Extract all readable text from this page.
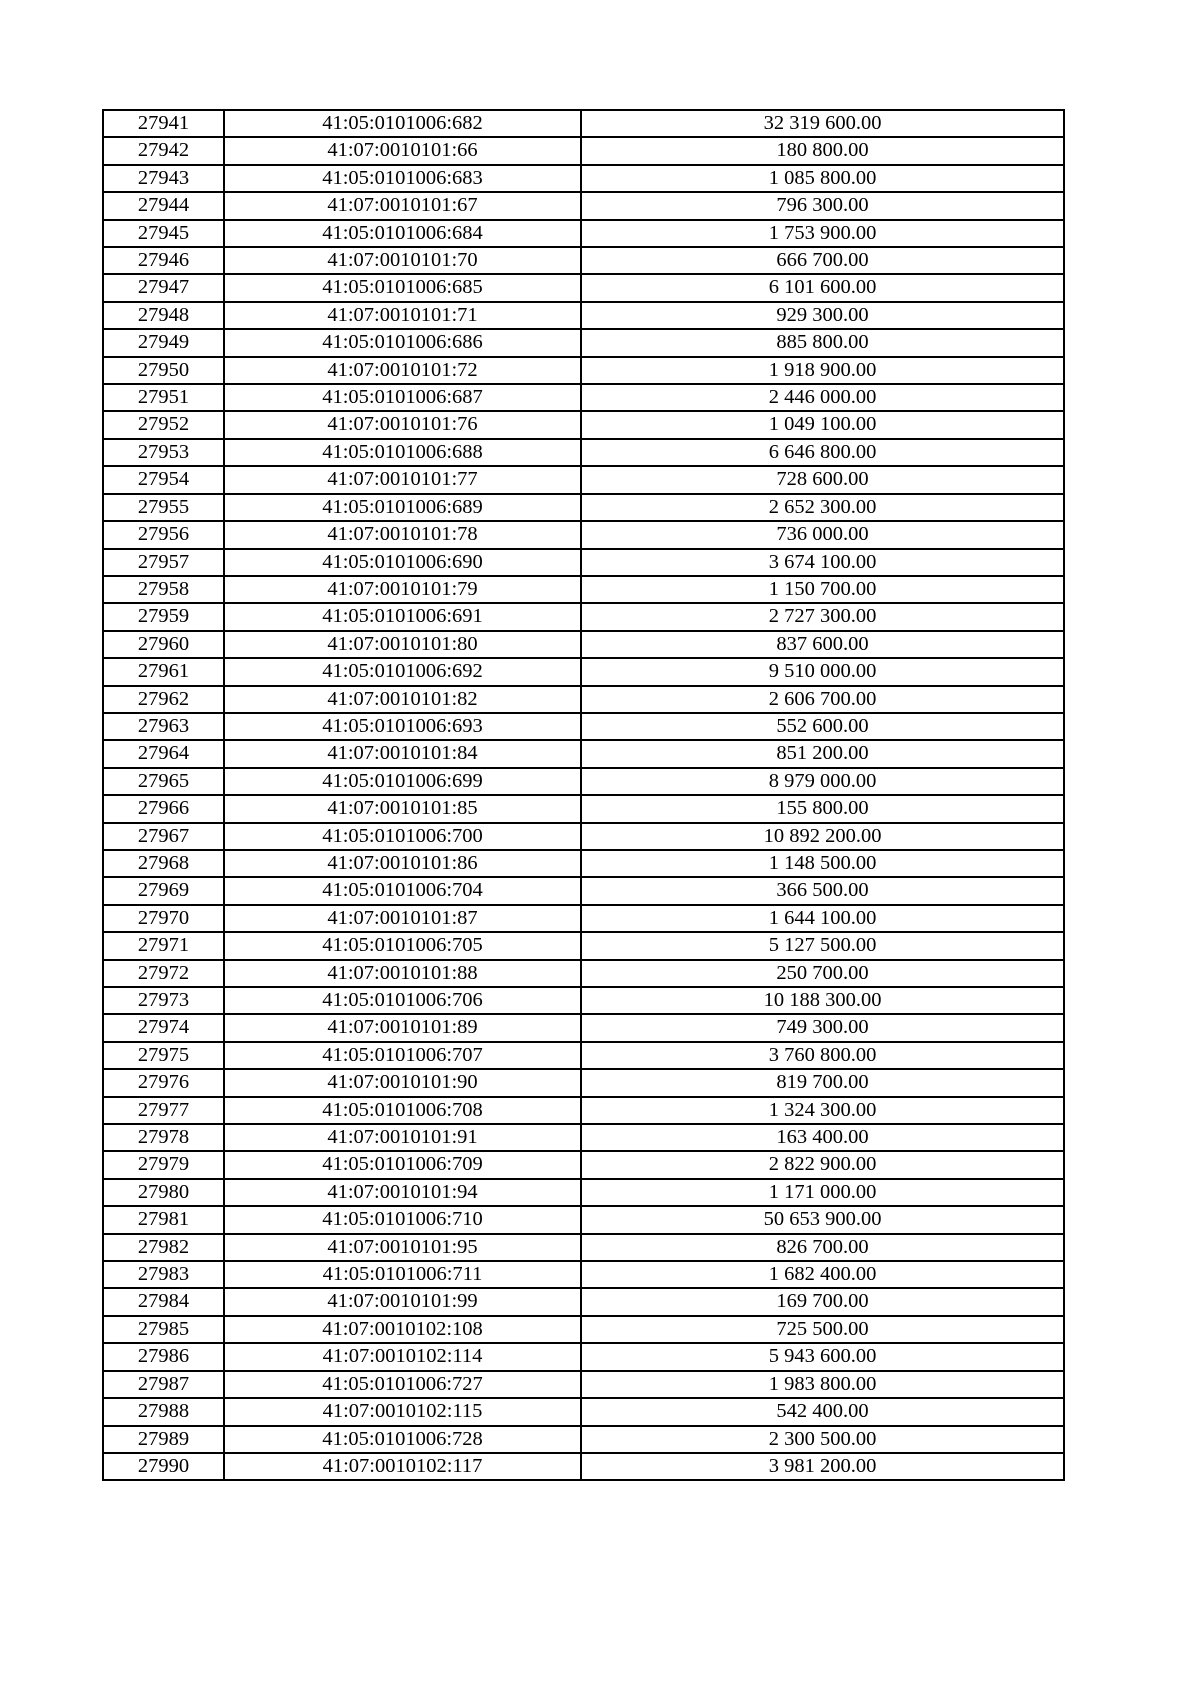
27941	41:05:0101006:682	32 319 600.00
27942	41:07:0010101:66	180 800.00
27943	41:05:0101006:683	1 085 800.00
27944	41:07:0010101:67	796 300.00
27945	41:05:0101006:684	1 753 900.00
27946	41:07:0010101:70	666 700.00
27947	41:05:0101006:685	6 101 600.00
27948	41:07:0010101:71	929 300.00
27949	41:05:0101006:686	885 800.00
27950	41:07:0010101:72	1 918 900.00
27951	41:05:0101006:687	2 446 000.00
27952	41:07:0010101:76	1 049 100.00
27953	41:05:0101006:688	6 646 800.00
27954	41:07:0010101:77	728 600.00
27955	41:05:0101006:689	2 652 300.00
27956	41:07:0010101:78	736 000.00
27957	41:05:0101006:690	3 674 100.00
27958	41:07:0010101:79	1 150 700.00
27959	41:05:0101006:691	2 727 300.00
27960	41:07:0010101:80	837 600.00
27961	41:05:0101006:692	9 510 000.00
27962	41:07:0010101:82	2 606 700.00
27963	41:05:0101006:693	552 600.00
27964	41:07:0010101:84	851 200.00
27965	41:05:0101006:699	8 979 000.00
27966	41:07:0010101:85	155 800.00
27967	41:05:0101006:700	10 892 200.00
27968	41:07:0010101:86	1 148 500.00
27969	41:05:0101006:704	366 500.00
27970	41:07:0010101:87	1 644 100.00
27971	41:05:0101006:705	5 127 500.00
27972	41:07:0010101:88	250 700.00
27973	41:05:0101006:706	10 188 300.00
27974	41:07:0010101:89	749 300.00
27975	41:05:0101006:707	3 760 800.00
27976	41:07:0010101:90	819 700.00
27977	41:05:0101006:708	1 324 300.00
27978	41:07:0010101:91	163 400.00
27979	41:05:0101006:709	2 822 900.00
27980	41:07:0010101:94	1 171 000.00
27981	41:05:0101006:710	50 653 900.00
27982	41:07:0010101:95	826 700.00
27983	41:05:0101006:711	1 682 400.00
27984	41:07:0010101:99	169 700.00
27985	41:07:0010102:108	725 500.00
27986	41:07:0010102:114	5 943 600.00
27987	41:05:0101006:727	1 983 800.00
27988	41:07:0010102:115	542 400.00
27989	41:05:0101006:728	2 300 500.00
27990	41:07:0010102:117	3 981 200.00
